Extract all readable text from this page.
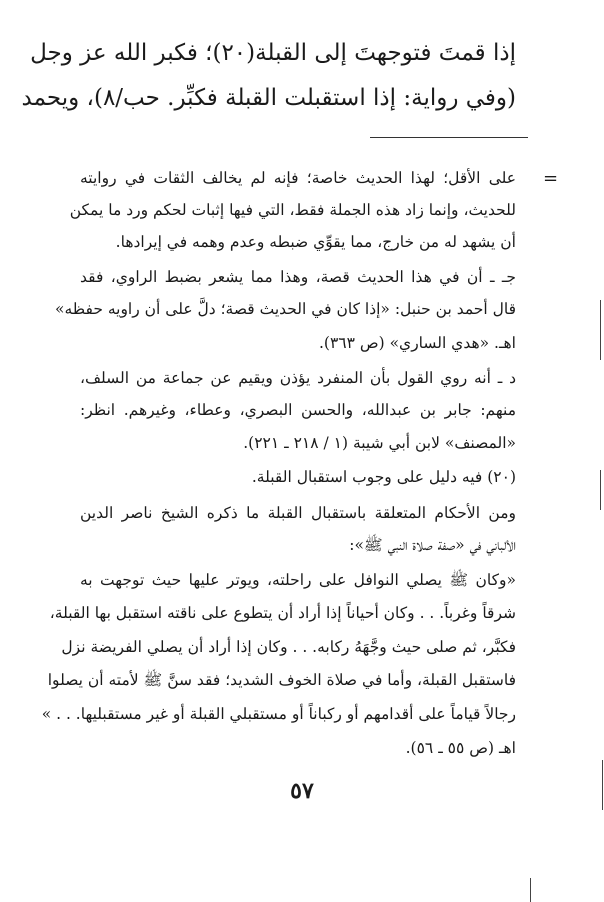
إذا قمتَ فتوجهتَ إلى القبلة(٢٠)؛ فكبر الله عز وجل
(وفي رواية: إذا استقبلت القبلة فكبِّر. حب/٨)، ويحمد
=
على الأقل؛ لهذا الحديث خاصة؛ فإنه لم يخالف الثقات في روايته
للحديث، وإنما زاد هذه الجملة فقط، التي فيها إثبات لحكم ورد ما يمكن
أن يشهد له من خارج، مما يقوِّي ضبطه وعدم وهمه في إيرادها.
جـ ـ أن في هذا الحديث قصة، وهذا مما يشعر بضبط الراوي، فقد
قال أحمد بن حنبل: «إذا كان في الحديث قصة؛ دلَّ على أن راويه حفظه»
اهـ. «هدي الساري» (ص ٣٦٣).
د ـ أنه روي القول بأن المنفرد يؤذن ويقيم عن جماعة من السلف،
منهم: جابر بن عبدالله، والحسن البصري، وعطاء، وغيرهم. انظر:
«المصنف» لابن أبي شيبة (١ / ٢١٨ ـ ٢٢١).
(٢٠) فيه دليل على وجوب استقبال القبلة.
ومن الأحكام المتعلقة باستقبال القبلة ما ذكره الشيخ ناصر الدين
الألباني في «صفة صلاة النبي ﷺ»:
«وكان ﷺ يصلي النوافل على راحلته، ويوتر عليها حيث توجهت به
شرقاً وغرباً. . . وكان أحياناً إذا أراد أن يتطوع على ناقته استقبل بها القبلة،
فكبَّر، ثم صلى حيث وجَّهَهُ ركابه. . . وكان إذا أراد أن يصلي الفريضة نزل
فاستقبل القبلة، وأما في صلاة الخوف الشديد؛ فقد سنَّ ﷺ لأمته أن يصلوا
رجالاً قياماً على أقدامهم أو ركباناً أو مستقبلي القبلة أو غير مستقبليها. . . »
اهـ (ص ٥٥ ـ ٥٦).
٥٧
